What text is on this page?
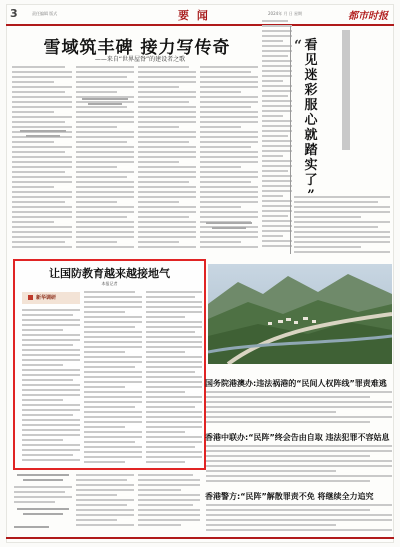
3	责任编辑 版式	要 闻	2024年 月 日 星期	都市时报
雪域筑丰碑 接力写传奇
——来自“世界屋脊”的建设者之歌
“ 看
见
迷
彩
服
心
就
踏
实
了

让国防教育越来越接地气
本报记者
新华调研
国务院港澳办:违法祸港的“民间人权阵线”罪责难逃
香港中联办:“民阵”终会告由自取 违法犯罪不容姑息
香港警方:“民阵”解散罪责不免 将继续全力追究
